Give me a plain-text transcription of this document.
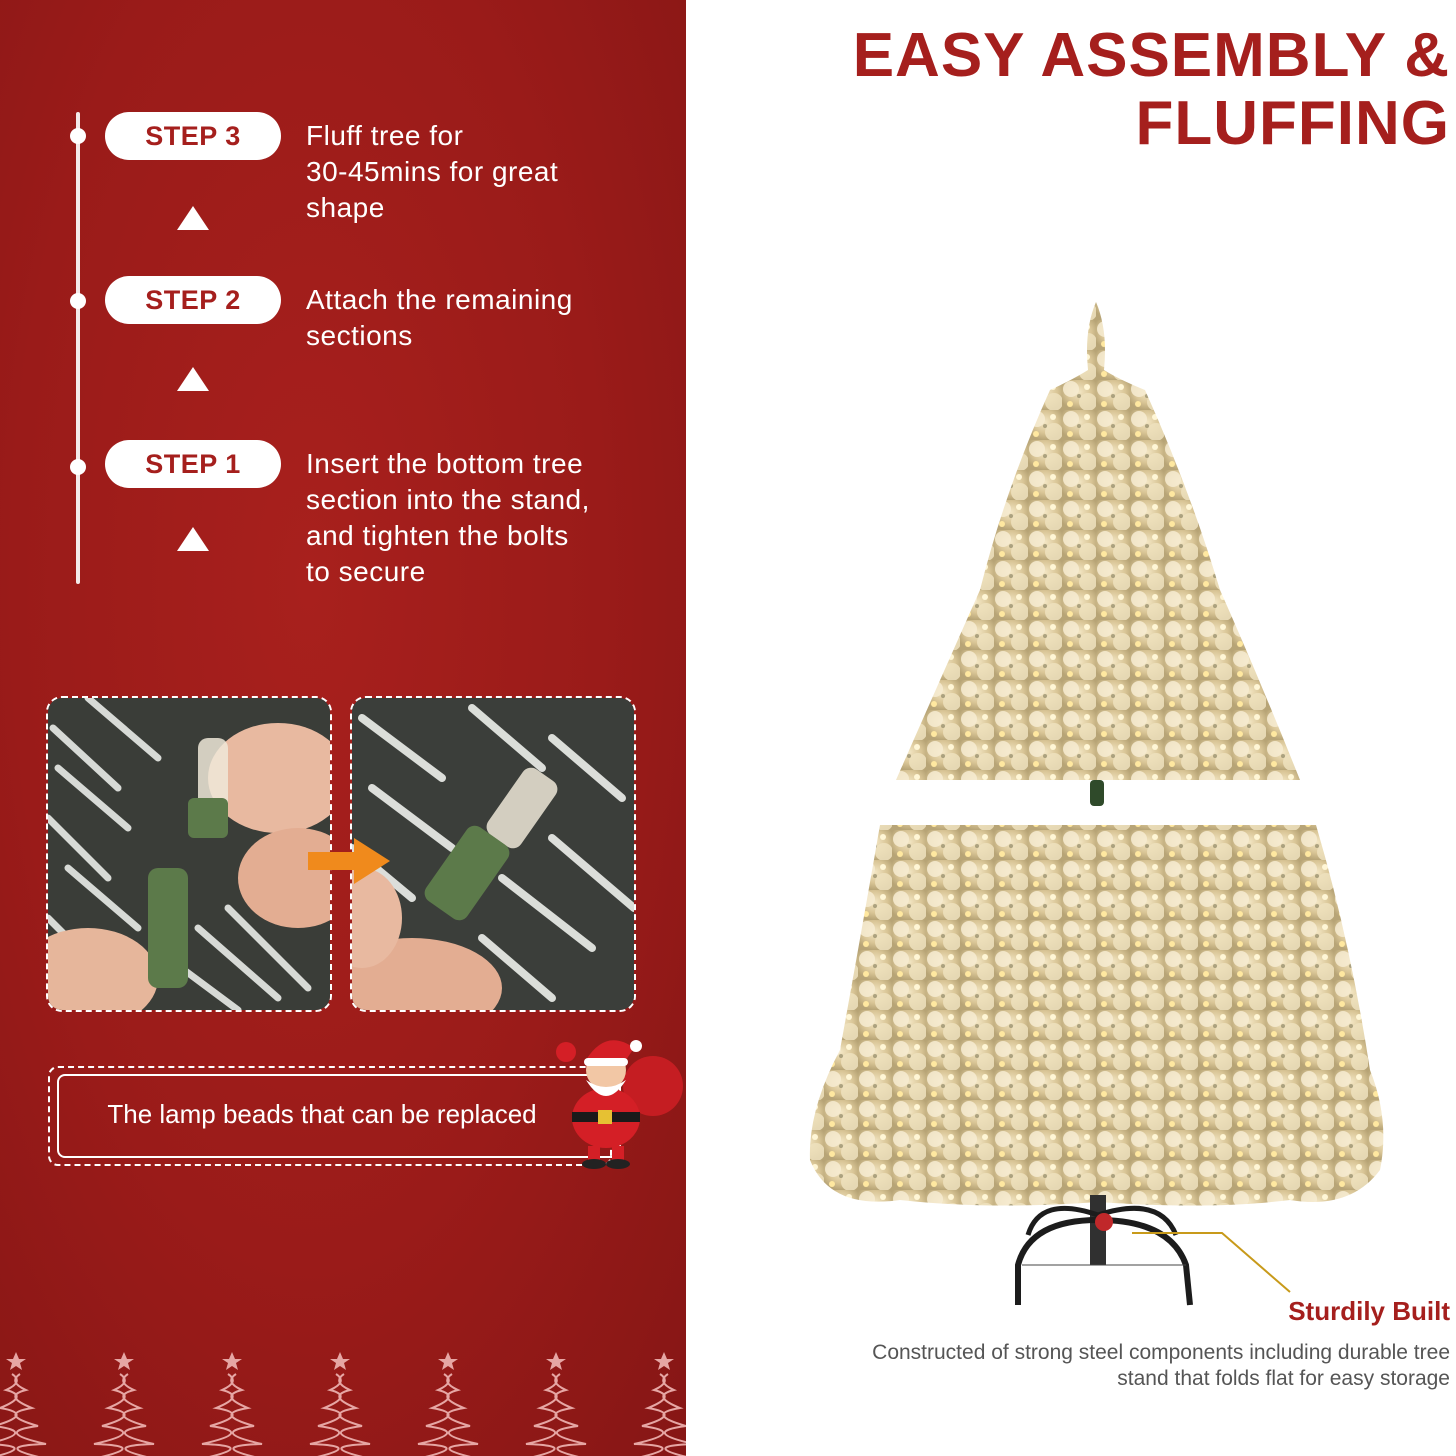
STEP 3	Fluff tree for
30-45mins for great
shape
STEP 2	Attach the remaining
sections
STEP 1	Insert the bottom tree
section into the stand,
and tighten the bolts
to secure
The lamp beads that can be replaced
EASY ASSEMBLY &
FLUFFING
Sturdily Built
Constructed of strong steel components including durable tree
stand that folds flat for easy storage
